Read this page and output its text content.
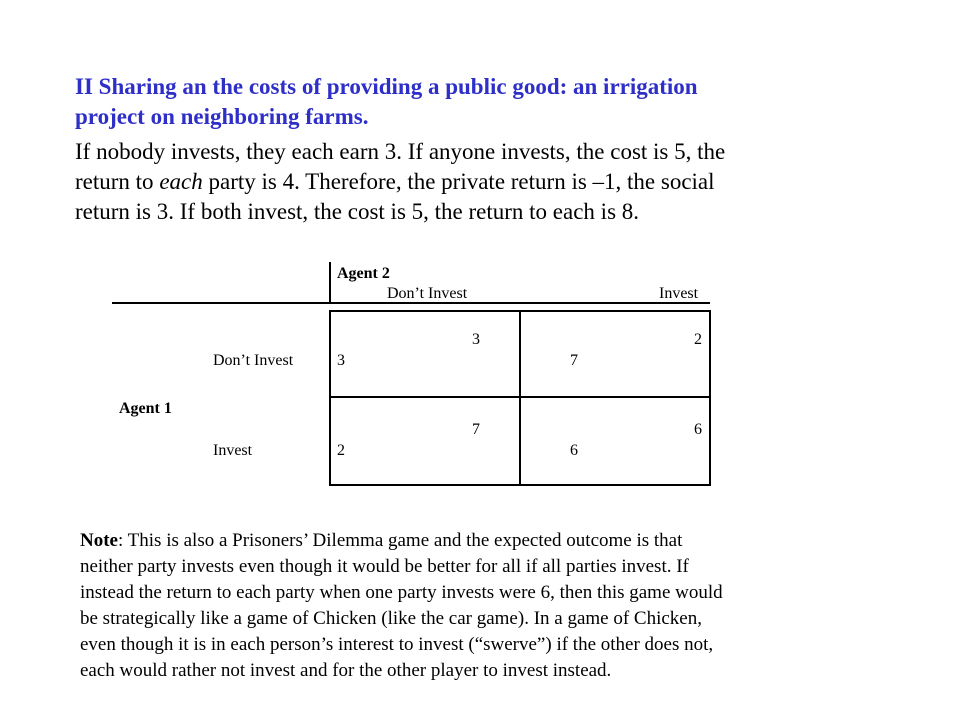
II Sharing an the costs of providing a public good: an irrigation
project on neighboring farms.

If nobody invests, they each earn 3. If anyone invests, the cost is 5, the

return to each party is 4. Therefore, the private return is –1, the social

return is 3. If both invest, the cost is 5, the return to each is 8.

Agent 2
Don’t Invest	Invest
Agent 1
Don’t Invest
Invest
3
3
2
7
7
2
6
6

Note: This is also a Prisoners’ Dilemma game and the expected outcome is that

neither party invests even though it would be better for all if all parties invest. If

instead the return to each party when one party invests were 6, then this game would

be strategically like a game of Chicken (like the car game). In a game of Chicken,

even though it is in each person’s interest to invest (“swerve”) if the other does not,

each would rather not invest and for the other player to invest instead.
